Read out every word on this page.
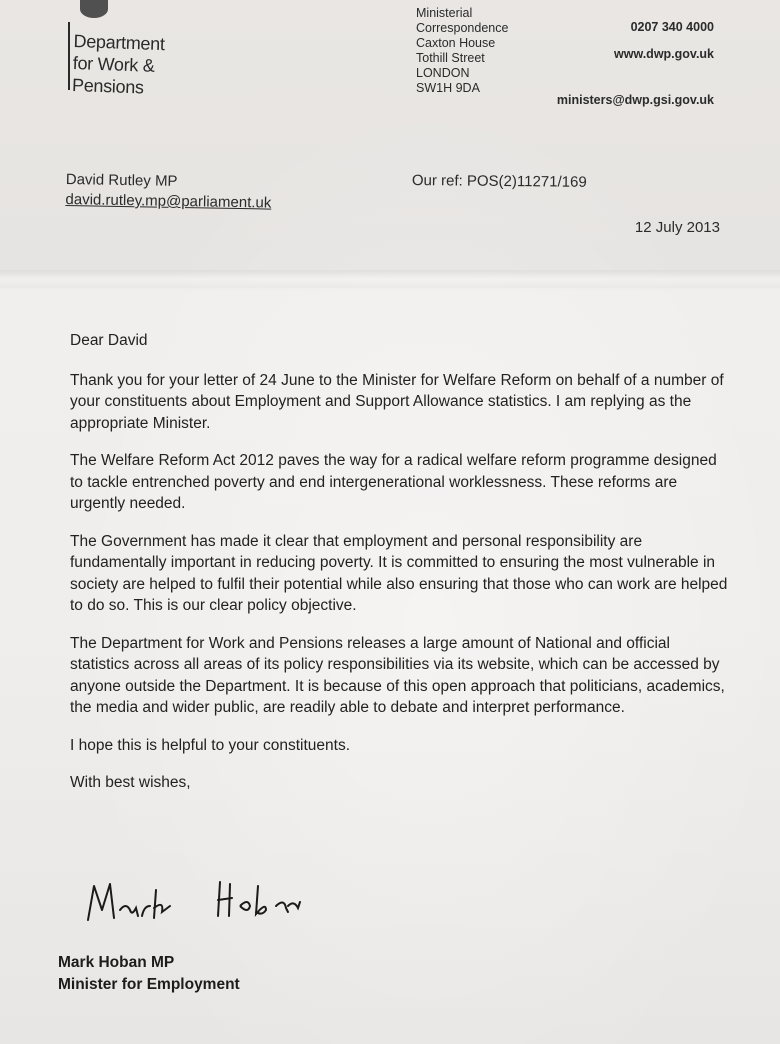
Department
for Work &
Pensions
Ministerial
Correspondence
Caxton House
Tothill Street
LONDON
SW1H 9DA
0207 340 4000
www.dwp.gov.uk
ministers@dwp.gsi.gov.uk
David Rutley MP
david.rutley.mp@parliament.uk
Our ref: POS(2)11271/169
12 July 2013

Dear David

Thank you for your letter of 24 June to the Minister for Welfare Reform on behalf of a number of your constituents about Employment and Support Allowance statistics. I am replying as the appropriate Minister.

The Welfare Reform Act 2012 paves the way for a radical welfare reform programme designed to tackle entrenched poverty and end intergenerational worklessness. These reforms are urgently needed.

The Government has made it clear that employment and personal responsibility are fundamentally important in reducing poverty. It is committed to ensuring the most vulnerable in society are helped to fulfil their potential while also ensuring that those who can work are helped to do so. This is our clear policy objective.

The Department for Work and Pensions releases a large amount of National and official statistics across all areas of its policy responsibilities via its website, which can be accessed by anyone outside the Department. It is because of this open approach that politicians, academics, the media and wider public, are readily able to debate and interpret performance.

I hope this is helpful to your constituents.

With best wishes,

Mark Hoban MP
Minister for Employment
